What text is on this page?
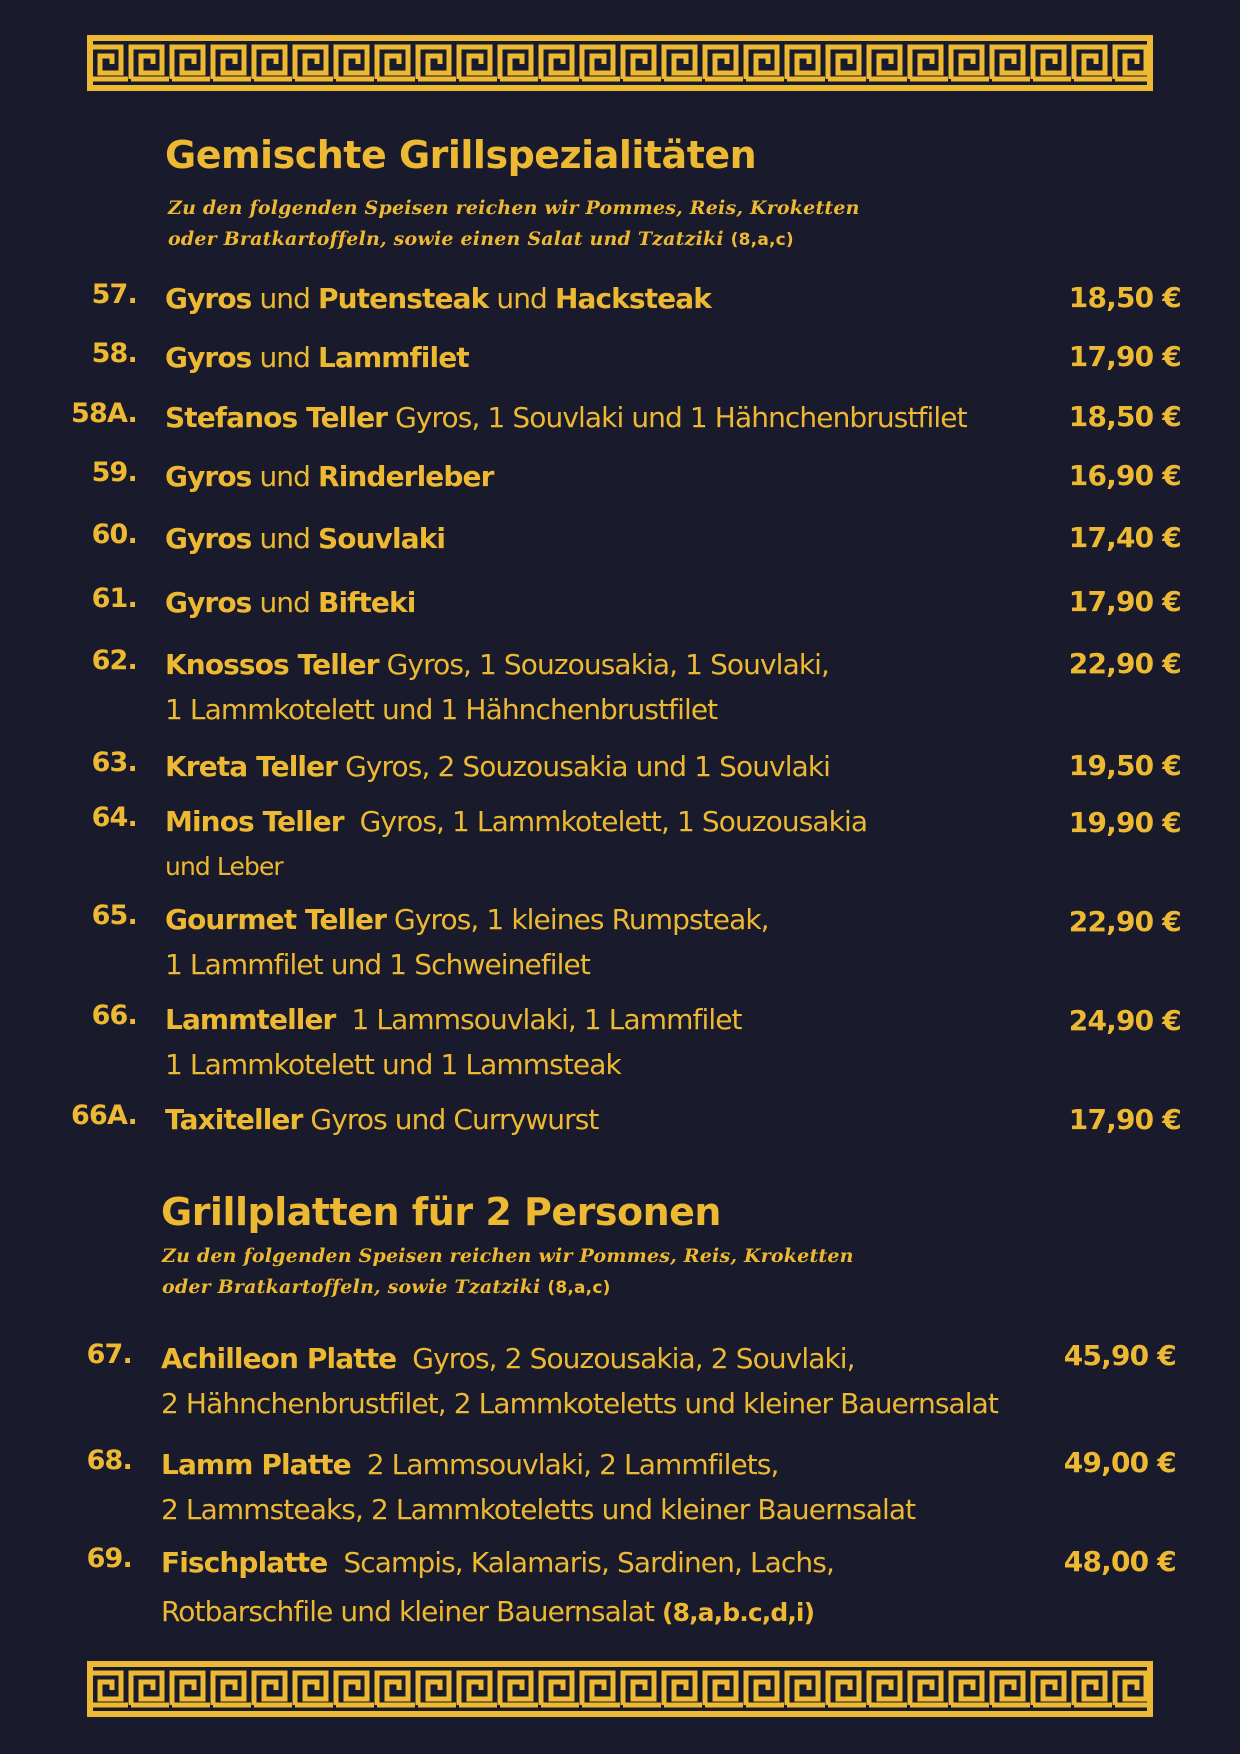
Gemischte Grillspezialitäten
Zu den folgenden Speisen reichen wir Pommes, Reis, Kroketten
oder Bratkartoffeln, sowie einen Salat und Tzatziki (8,a,c)
57. Gyros und Putensteak und Hacksteak	18,50 €
58. Gyros und Lammfilet	17,90 €
58A. Stefanos Teller Gyros, 1 Souvlaki und 1 Hähnchenbrustfilet	18,50 €
59. Gyros und Rinderleber	16,90 €
60. Gyros und Souvlaki	17,40 €
61. Gyros und Bifteki	17,90 €
62. Knossos Teller Gyros, 1 Souzousakia, 1 Souvlaki,
1 Lammkotelett und 1 Hähnchenbrustfilet
22,90 €
63. Kreta Teller Gyros, 2 Souzousakia und 1 Souvlaki	19,50 €
64. Minos Teller  Gyros, 1 Lammkotelett, 1 Souzousakia
und Leber
19,90 €
65. Gourmet Teller Gyros, 1 kleines Rumpsteak,
1 Lammfilet und 1 Schweinefilet
22,90 €
66. Lammteller  1 Lammsouvlaki, 1 Lammfilet
1 Lammkotelett und 1 Lammsteak
24,90 €
66A. Taxiteller Gyros und Currywurst	17,90 €
Grillplatten für 2 Personen
Zu den folgenden Speisen reichen wir Pommes, Reis, Kroketten
oder Bratkartoffeln, sowie Tzatziki (8,a,c)
67. Achilleon Platte  Gyros, 2 Souzousakia, 2 Souvlaki,
2 Hähnchenbrustfilet, 2 Lammkoteletts und kleiner Bauernsalat
45,90 €
68. Lamm Platte  2 Lammsouvlaki, 2 Lammfilets,
2 Lammsteaks, 2 Lammkoteletts und kleiner Bauernsalat
49,00 €
69. Fischplatte  Scampis, Kalamaris, Sardinen, Lachs,
Rotbarschfile und kleiner Bauernsalat (8,a,b.c,d,i)
48,00 €
